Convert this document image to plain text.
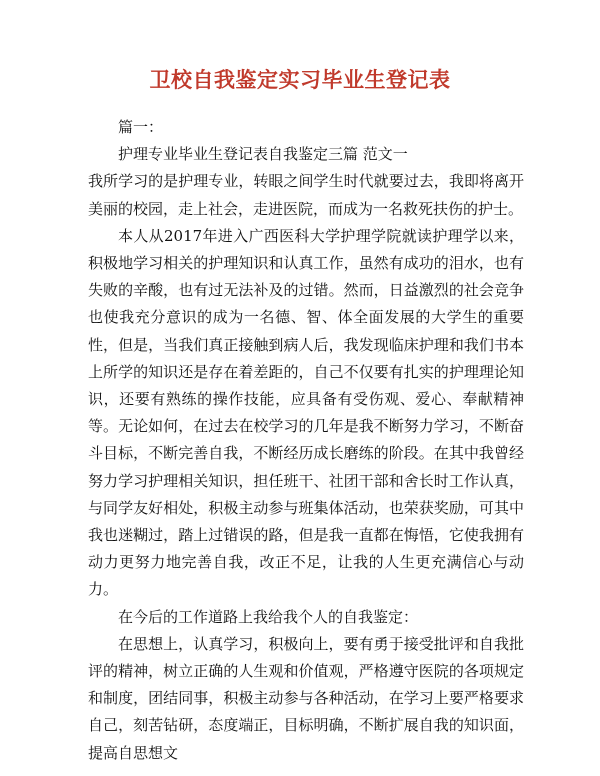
卫校自我鉴定实习毕业生登记表

篇一：

护理专业毕业生登记表自我鉴定三篇 范文一

我所学习的是护理专业，转眼之间学生时代就要过去，我即将离开美丽的校园，走上社会，走进医院，而成为一名救死扶伤的护士。

本人从2017年进入广西医科大学护理学院就读护理学以来，积极地学习相关的护理知识和认真工作，虽然有成功的泪水，也有失败的辛酸，也有过无法补及的过错。然而，日益激烈的社会竞争也使我充分意识的成为一名德、智、体全面发展的大学生的重要性，但是，当我们真正接触到病人后，我发现临床护理和我们书本上所学的知识还是存在着差距的，自己不仅要有扎实的护理理论知识，还要有熟练的操作技能，应具备有受伤观、爱心、奉献精神等。无论如何，在过去在校学习的几年是我不断努力学习，不断奋斗目标，不断完善自我，不断经历成长磨练的阶段。在其中我曾经努力学习护理相关知识，担任班干、社团干部和舍长时工作认真，与同学友好相处，积极主动参与班集体活动，也荣获奖励，可其中我也迷糊过，踏上过错误的路，但是我一直都在悔悟，它使我拥有动力更努力地完善自我，改正不足，让我的人生更充满信心与动力。

在今后的工作道路上我给我个人的自我鉴定：

在思想上，认真学习，积极向上，要有勇于接受批评和自我批评的精神，树立正确的人生观和价值观，严格遵守医院的各项规定和制度，团结同事，积极主动参与各种活动，在学习上要严格要求自己，刻苦钻研，态度端正，目标明确，不断扩展自我的知识面，提高自思想文
